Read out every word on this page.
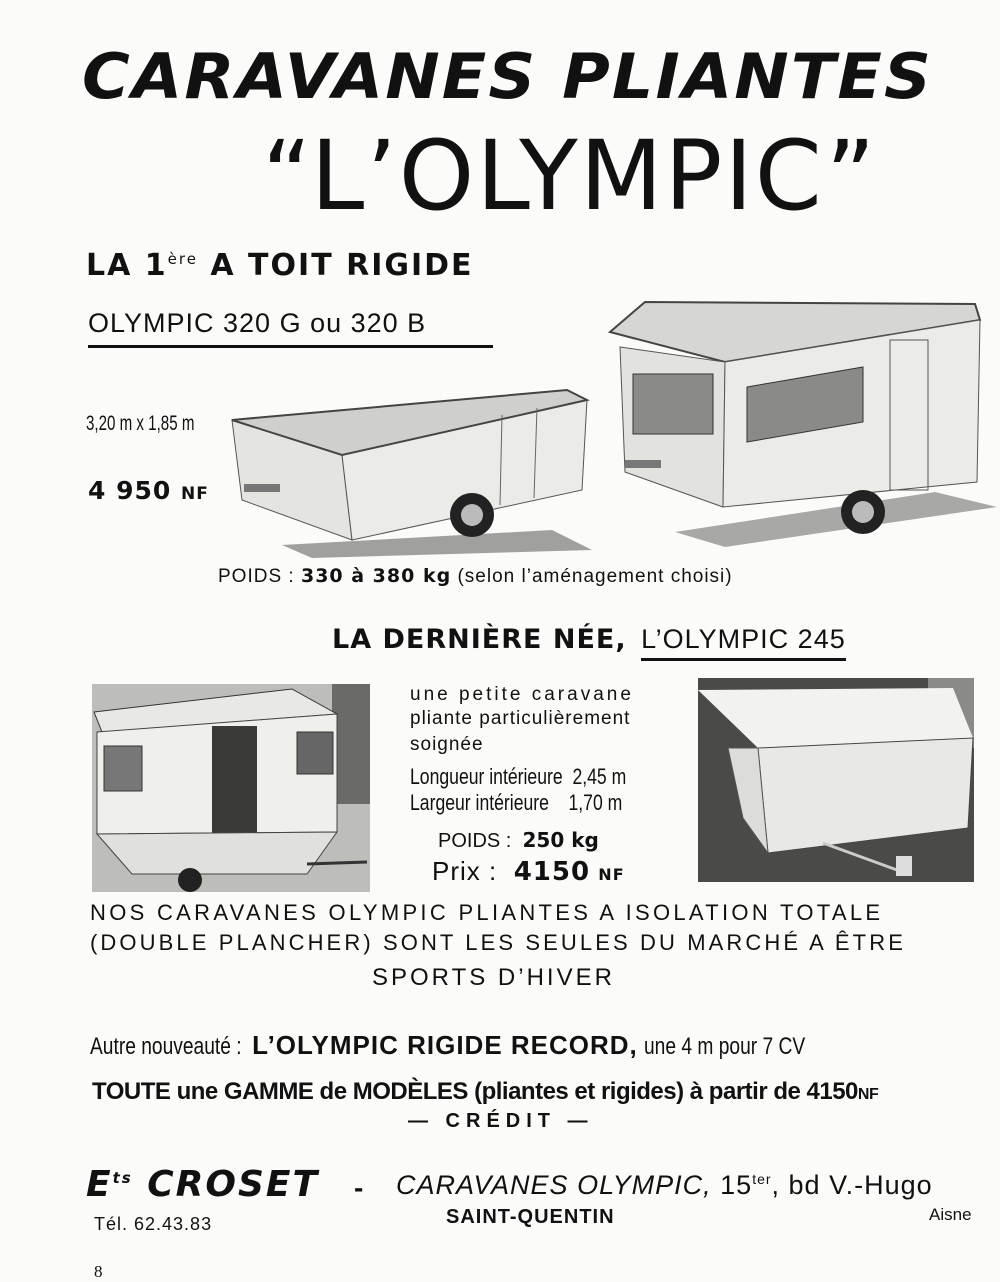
CARAVANES PLIANTES
“L’OLYMPIC”
LA 1ère A TOIT RIGIDE
OLYMPIC 320 G ou 320 B
3,20 m x 1,85 m
4 950 NF
POIDS : 330 à 380 kg (selon l’aménagement choisi)
LA DERNIÈRE NÉE, L’OLYMPIC 245
une petite caravane
pliante particulièrement
soignée
Longueur intérieure 2,45 m
Largeur intérieure 1,70 m
POIDS : 250 kg
Prix : 4150 NF
NOS CARAVANES OLYMPIC PLIANTES A ISOLATION TOTALE
(DOUBLE PLANCHER) SONT LES SEULES DU MARCHÉ A ÊTRE
SPORTS D’HIVER
Autre nouveauté : L’OLYMPIC RIGIDE RECORD, une 4 m pour 7 CV
TOUTE une GAMME de MODÈLES (pliantes et rigides) à partir de 4150NF
— CRÉDIT —
$E^{ts}$ CROSET - CARAVANES OLYMPIC, $15^{ter}$, bd V.-Hugo
Tél. 62.43.83	SAINT-QUENTIN	Aisne
8
